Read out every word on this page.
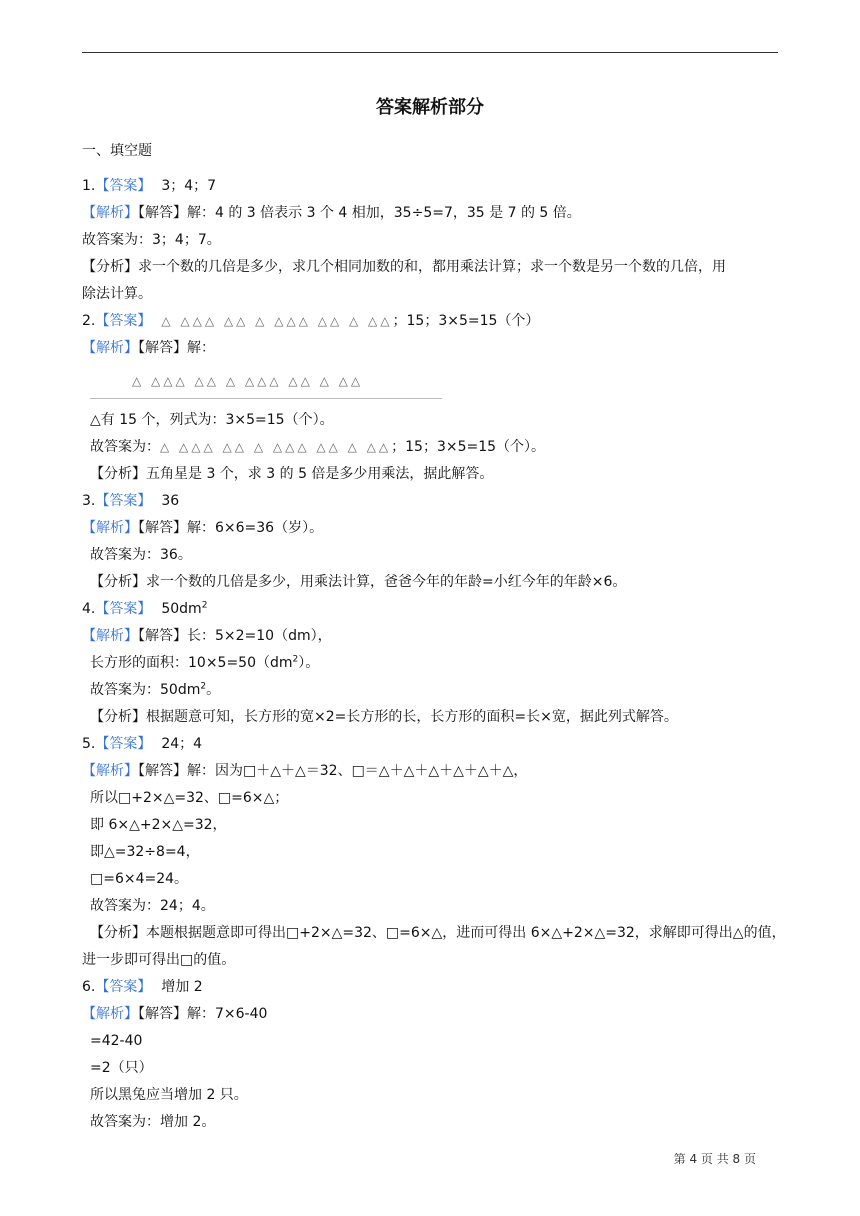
答案解析部分
一、填空题
1.【答案】 3；4；7
【解析】【解答】解：4 的 3 倍表示 3 个 4 相加，35÷5=7，35 是 7 的 5 倍。
故答案为：3；4；7。
【分析】求一个数的几倍是多少，求几个相同加数的和，都用乘法计算；求一个数是另一个数的几倍，用
除法计算。
2.【答案】 △ △△△ △△ △ △△△ △△ △ △△；15；3×5=15（个）
【解析】【解答】解：
△ △△△ △△ △ △△△ △△ △ △△
△有 15 个，列式为：3×5=15（个）。
故答案为：△ △△△ △△ △ △△△ △△ △ △△；15；3×5=15（个）。
【分析】五角星是 3 个，求 3 的 5 倍是多少用乘法，据此解答。
3.【答案】 36
【解析】【解答】解：6×6=36（岁）。
故答案为：36。
【分析】求一个数的几倍是多少，用乘法计算，爸爸今年的年龄=小红今年的年龄×6。
4.【答案】 $50dm^2$
【解析】【解答】长：5×2=10（dm），
长方形的面积：$10\times 5=50(dm^2)$。
故答案为：$50dm^2$。
【分析】根据题意可知，长方形的宽×2=长方形的长，长方形的面积=长×宽，据此列式解答。
5.【答案】 24；4
【解析】【解答】解：因为□＋△＋△＝32、□＝△＋△＋△＋△＋△＋△，
所以□+2×△=32、□=6×△；
即 6×△+2×△=32，
即△=32÷8=4，
□=6×4=24。
故答案为：24；4。
【分析】本题根据题意即可得出□+2×△=32、□=6×△，进而可得出 6×△+2×△=32，求解即可得出△的值，
进一步即可得出□的值。
6.【答案】 增加 2
【解析】【解答】解：7×6-40
=42-40
=2（只）
所以黑兔应当增加 2 只。
故答案为：增加 2。
第 4 页 共 8 页
